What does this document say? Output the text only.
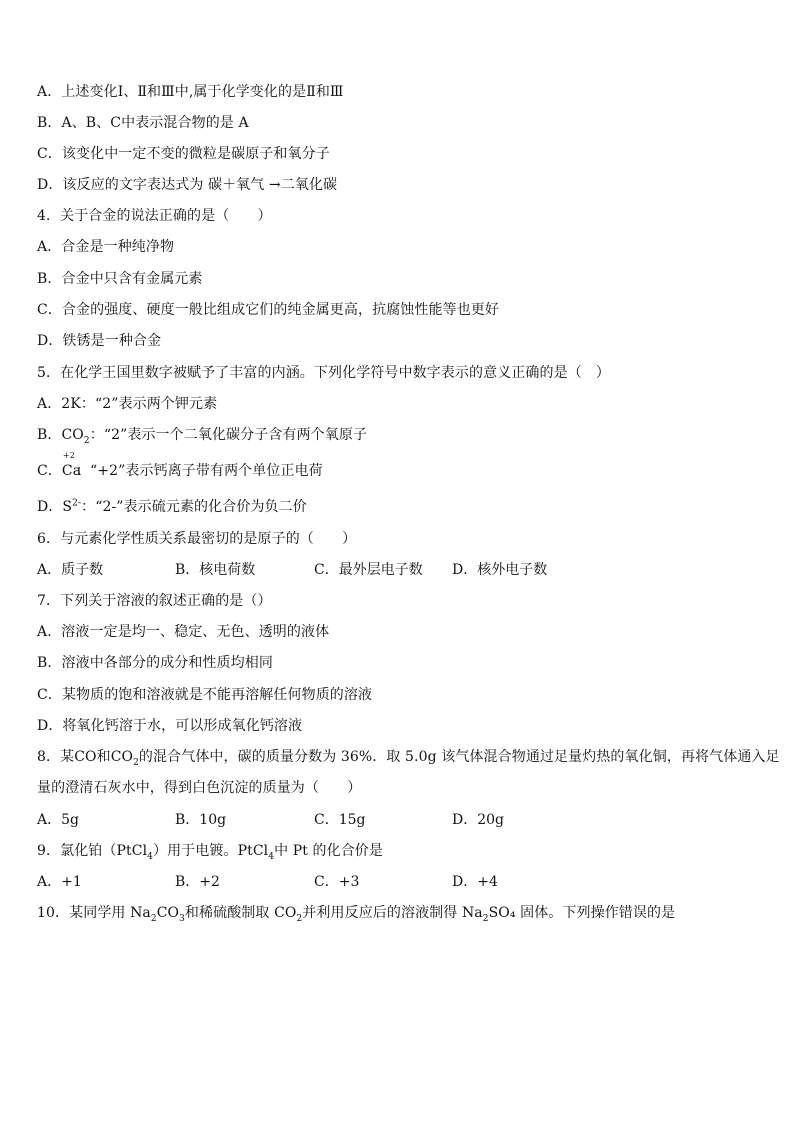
A．上述变化Ⅰ、Ⅱ和Ⅲ中,属于化学变化的是Ⅱ和Ⅲ
B．A、B、C中表示混合物的是 A
C．该变化中一定不变的微粒是碳原子和氧分子
D．该反应的文字表达式为 碳＋氧气 →二氧化碳
4．关于合金的说法正确的是（　　）
A．合金是一种纯净物
B．合金中只含有金属元素
C．合金的强度、硬度一般比组成它们的纯金属更高，抗腐蚀性能等也更好
D．铁锈是一种合金
5．在化学王国里数字被赋予了丰富的内涵。下列化学符号中数字表示的意义正确的是（　）
A．2K：“2”表示两个钾元素
B．$CO_2$：“2”表示一个二氧化碳分子含有两个氧原子
C．
+2
Ca：“+2”表示钙离子带有两个单位正电荷
D．$S^{2-}$：“2-”表示硫元素的化合价为负二价
6．与元素化学性质关系最密切的是原子的（　　）
A．质子数	B．核电荷数	C．最外层电子数 D．核外电子数
7．下列关于溶液的叙述正确的是（）
A．溶液一定是均一、稳定、无色、透明的液体
B．溶液中各部分的成分和性质均相同
C．某物质的饱和溶液就是不能再溶解任何物质的溶液
D．将氧化钙溶于水，可以形成氧化钙溶液
8．某CO和$CO_2$的混合气体中，碳的质量分数为 36%．取 5.0g 该气体混合物通过足量灼热的氧化铜，再将气体通入足
量的澄清石灰水中，得到白色沉淀的质量为（　　）
A．5g	B．10g	C．15g	D．20g
9．氯化铂（PtCl$_4$）用于电镀。PtCl$_4$中 Pt 的化合价是
A．+1	B．+2	C．+3	D．+4
10．某同学用 $Na_2CO_3$和稀硫酸制取 $CO_2$并利用反应后的溶液制得 $Na_2SO_4$ 固体。下列操作错误的是
